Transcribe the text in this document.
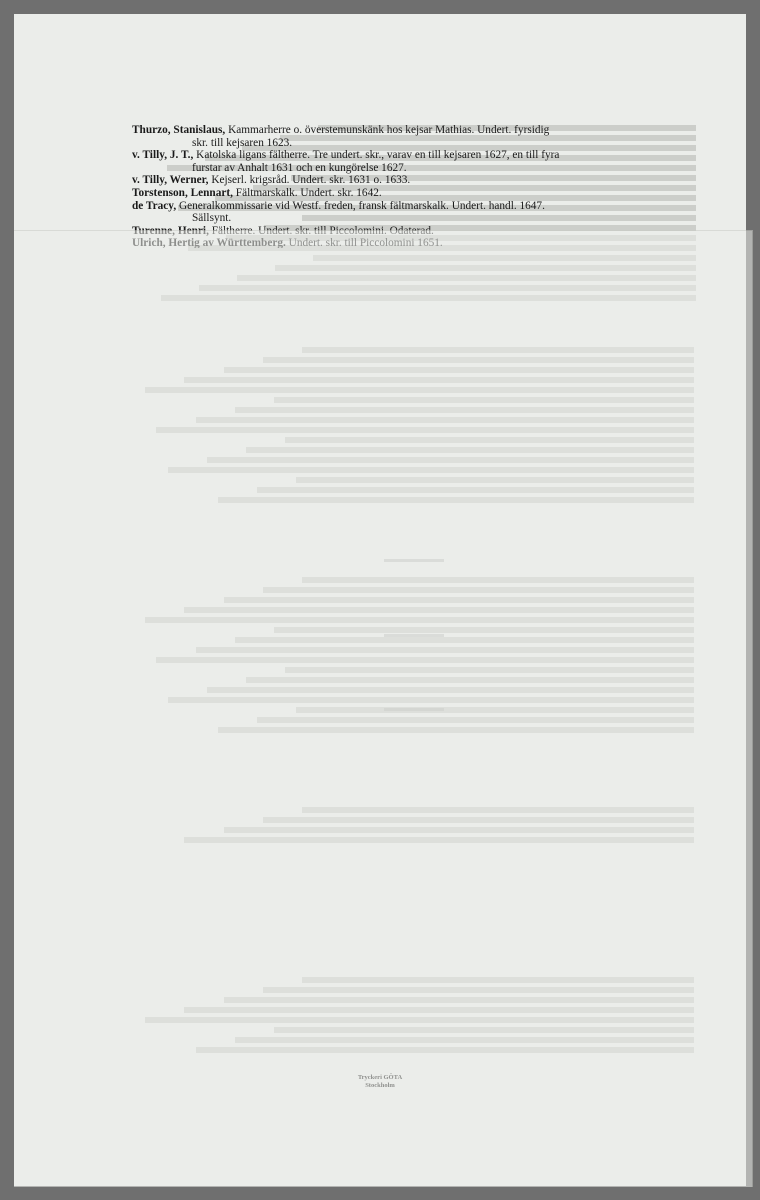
Thurzo, Stanislaus, Kammarherre o. överstemunskänk hos kejsar Mathias. Undert. fyrsidig
skr. till kejsaren 1623.

v. Tilly, J. T., Katolska ligans fältherre. Tre undert. skr., varav en till kejsaren 1627, en till fyra
furstar av Anhalt 1631 och en kungörelse 1627.

v. Tilly, Werner, Kejserl. krigsråd. Undert. skr. 1631 o. 1633.

Torstenson, Lennart, Fältmarskalk. Undert. skr. 1642.

de Tracy, Generalkommissarie vid Westf. freden, fransk fältmarskalk. Undert. handl. 1647.
Sällsynt.
